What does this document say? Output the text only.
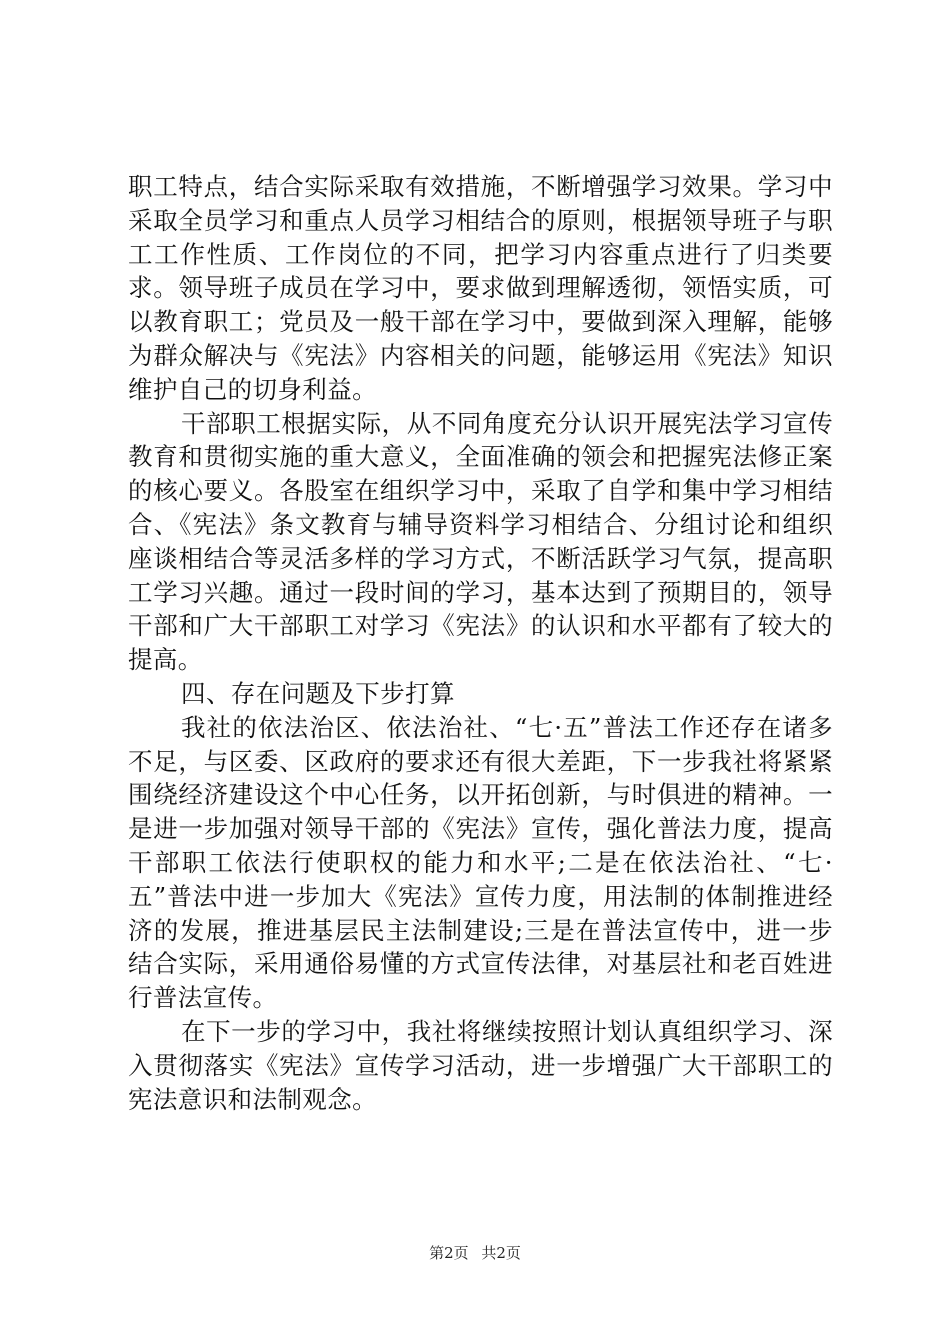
职工特点，结合实际采取有效措施，不断增强学习效果。学习中采取全员学习和重点人员学习相结合的原则，根据领导班子与职工工作性质、工作岗位的不同，把学习内容重点进行了归类要求。领导班子成员在学习中，要求做到理解透彻，领悟实质，可以教育职工；党员及一般干部在学习中，要做到深入理解，能够为群众解决与《宪法》内容相关的问题，能够运用《宪法》知识维护自己的切身利益。

干部职工根据实际，从不同角度充分认识开展宪法学习宣传教育和贯彻实施的重大意义，全面准确的领会和把握宪法修正案的核心要义。各股室在组织学习中，采取了自学和集中学习相结合、《宪法》条文教育与辅导资料学习相结合、分组讨论和组织座谈相结合等灵活多样的学习方式，不断活跃学习气氛，提高职工学习兴趣。通过一段时间的学习，基本达到了预期目的，领导干部和广大干部职工对学习《宪法》的认识和水平都有了较大的提高。

四、存在问题及下步打算

我社的依法治区、依法治社、“七·五”普法工作还存在诸多不足，与区委、区政府的要求还有很大差距，下一步我社将紧紧围绕经济建设这个中心任务，以开拓创新，与时俱进的精神。一是进一步加强对领导干部的《宪法》宣传，强化普法力度，提高干部职工依法行使职权的能力和水平;二是在依法治社、“七·五”普法中进一步加大《宪法》宣传力度，用法制的体制推进经济的发展，推进基层民主法制建设;三是在普法宣传中，进一步结合实际，采用通俗易懂的方式宣传法律，对基层社和老百姓进行普法宣传。

在下一步的学习中，我社将继续按照计划认真组织学习、深入贯彻落实《宪法》宣传学习活动，进一步增强广大干部职工的宪法意识和法制观念。

第2页 共2页
